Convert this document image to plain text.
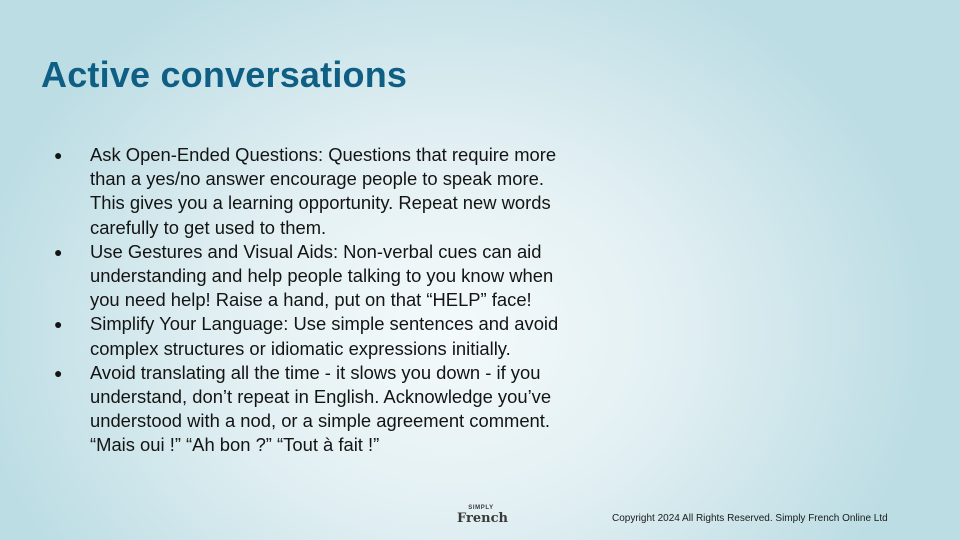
Active conversations
● Ask Open-Ended Questions: Questions that require more than a yes/no answer encourage people to speak more. This gives you a learning opportunity. Repeat new words carefully to get used to them.
● Use Gestures and Visual Aids: Non-verbal cues can aid understanding and help people talking to you know when you need help! Raise a hand, put on that “HELP” face!
● Simplify Your Language: Use simple sentences and avoid complex structures or idiomatic expressions initially.
● Avoid translating all the time - it slows you down - if you understand, don’t repeat in English. Acknowledge you’ve understood with a nod, or a simple agreement comment. “Mais oui !” “Ah bon ?” “Tout à fait !”
SIMPLY
French	Copyright 2024 All Rights Reserved. Simply French Online Ltd
